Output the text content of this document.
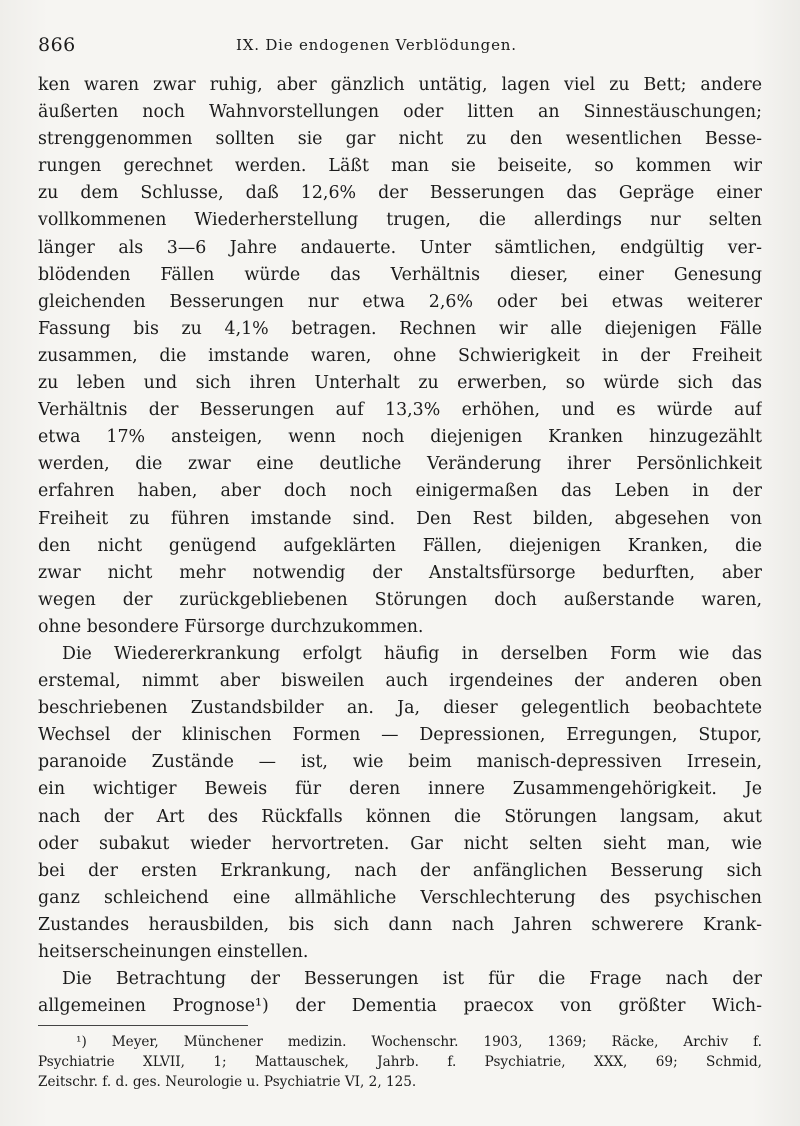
866	IX. Die endogenen Verblödungen.
ken waren zwar ruhig, aber gänzlich untätig, lagen viel zu Bett; andere
äußerten noch Wahnvorstellungen oder litten an Sinnestäuschungen;
strenggenommen sollten sie gar nicht zu den wesentlichen Besse-
rungen gerechnet werden. Läßt man sie beiseite, so kommen wir
zu dem Schlusse, daß 12,6% der Besserungen das Gepräge einer
vollkommenen Wiederherstellung trugen, die allerdings nur selten
länger als 3—6 Jahre andauerte. Unter sämtlichen, endgültig ver-
blödenden Fällen würde das Verhältnis dieser, einer Genesung
gleichenden Besserungen nur etwa 2,6% oder bei etwas weiterer
Fassung bis zu 4,1% betragen. Rechnen wir alle diejenigen Fälle
zusammen, die imstande waren, ohne Schwierigkeit in der Freiheit
zu leben und sich ihren Unterhalt zu erwerben, so würde sich das
Verhältnis der Besserungen auf 13,3% erhöhen, und es würde auf
etwa 17% ansteigen, wenn noch diejenigen Kranken hinzugezählt
werden, die zwar eine deutliche Veränderung ihrer Persönlichkeit
erfahren haben, aber doch noch einigermaßen das Leben in der
Freiheit zu führen imstande sind. Den Rest bilden, abgesehen von
den nicht genügend aufgeklärten Fällen, diejenigen Kranken, die
zwar nicht mehr notwendig der Anstaltsfürsorge bedurften, aber
wegen der zurückgebliebenen Störungen doch außerstande waren,
ohne besondere Fürsorge durchzukommen.
Die Wiedererkrankung erfolgt häufig in derselben Form wie das
erstemal, nimmt aber bisweilen auch irgendeines der anderen oben
beschriebenen Zustandsbilder an. Ja, dieser gelegentlich beobachtete
Wechsel der klinischen Formen — Depressionen, Erregungen, Stupor,
paranoide Zustände — ist, wie beim manisch-depressiven Irresein,
ein wichtiger Beweis für deren innere Zusammengehörigkeit. Je
nach der Art des Rückfalls können die Störungen langsam, akut
oder subakut wieder hervortreten. Gar nicht selten sieht man, wie
bei der ersten Erkrankung, nach der anfänglichen Besserung sich
ganz schleichend eine allmähliche Verschlechterung des psychischen
Zustandes herausbilden, bis sich dann nach Jahren schwerere Krank-
heitserscheinungen einstellen.
Die Betrachtung der Besserungen ist für die Frage nach der
allgemeinen Prognose¹) der Dementia praecox von größter Wich-
¹) Meyer, Münchener medizin. Wochenschr. 1903, 1369; Räcke, Archiv f.
Psychiatrie XLVII, 1; Mattauschek, Jahrb. f. Psychiatrie, XXX, 69; Schmid,
Zeitschr. f. d. ges. Neurologie u. Psychiatrie VI, 2, 125.
